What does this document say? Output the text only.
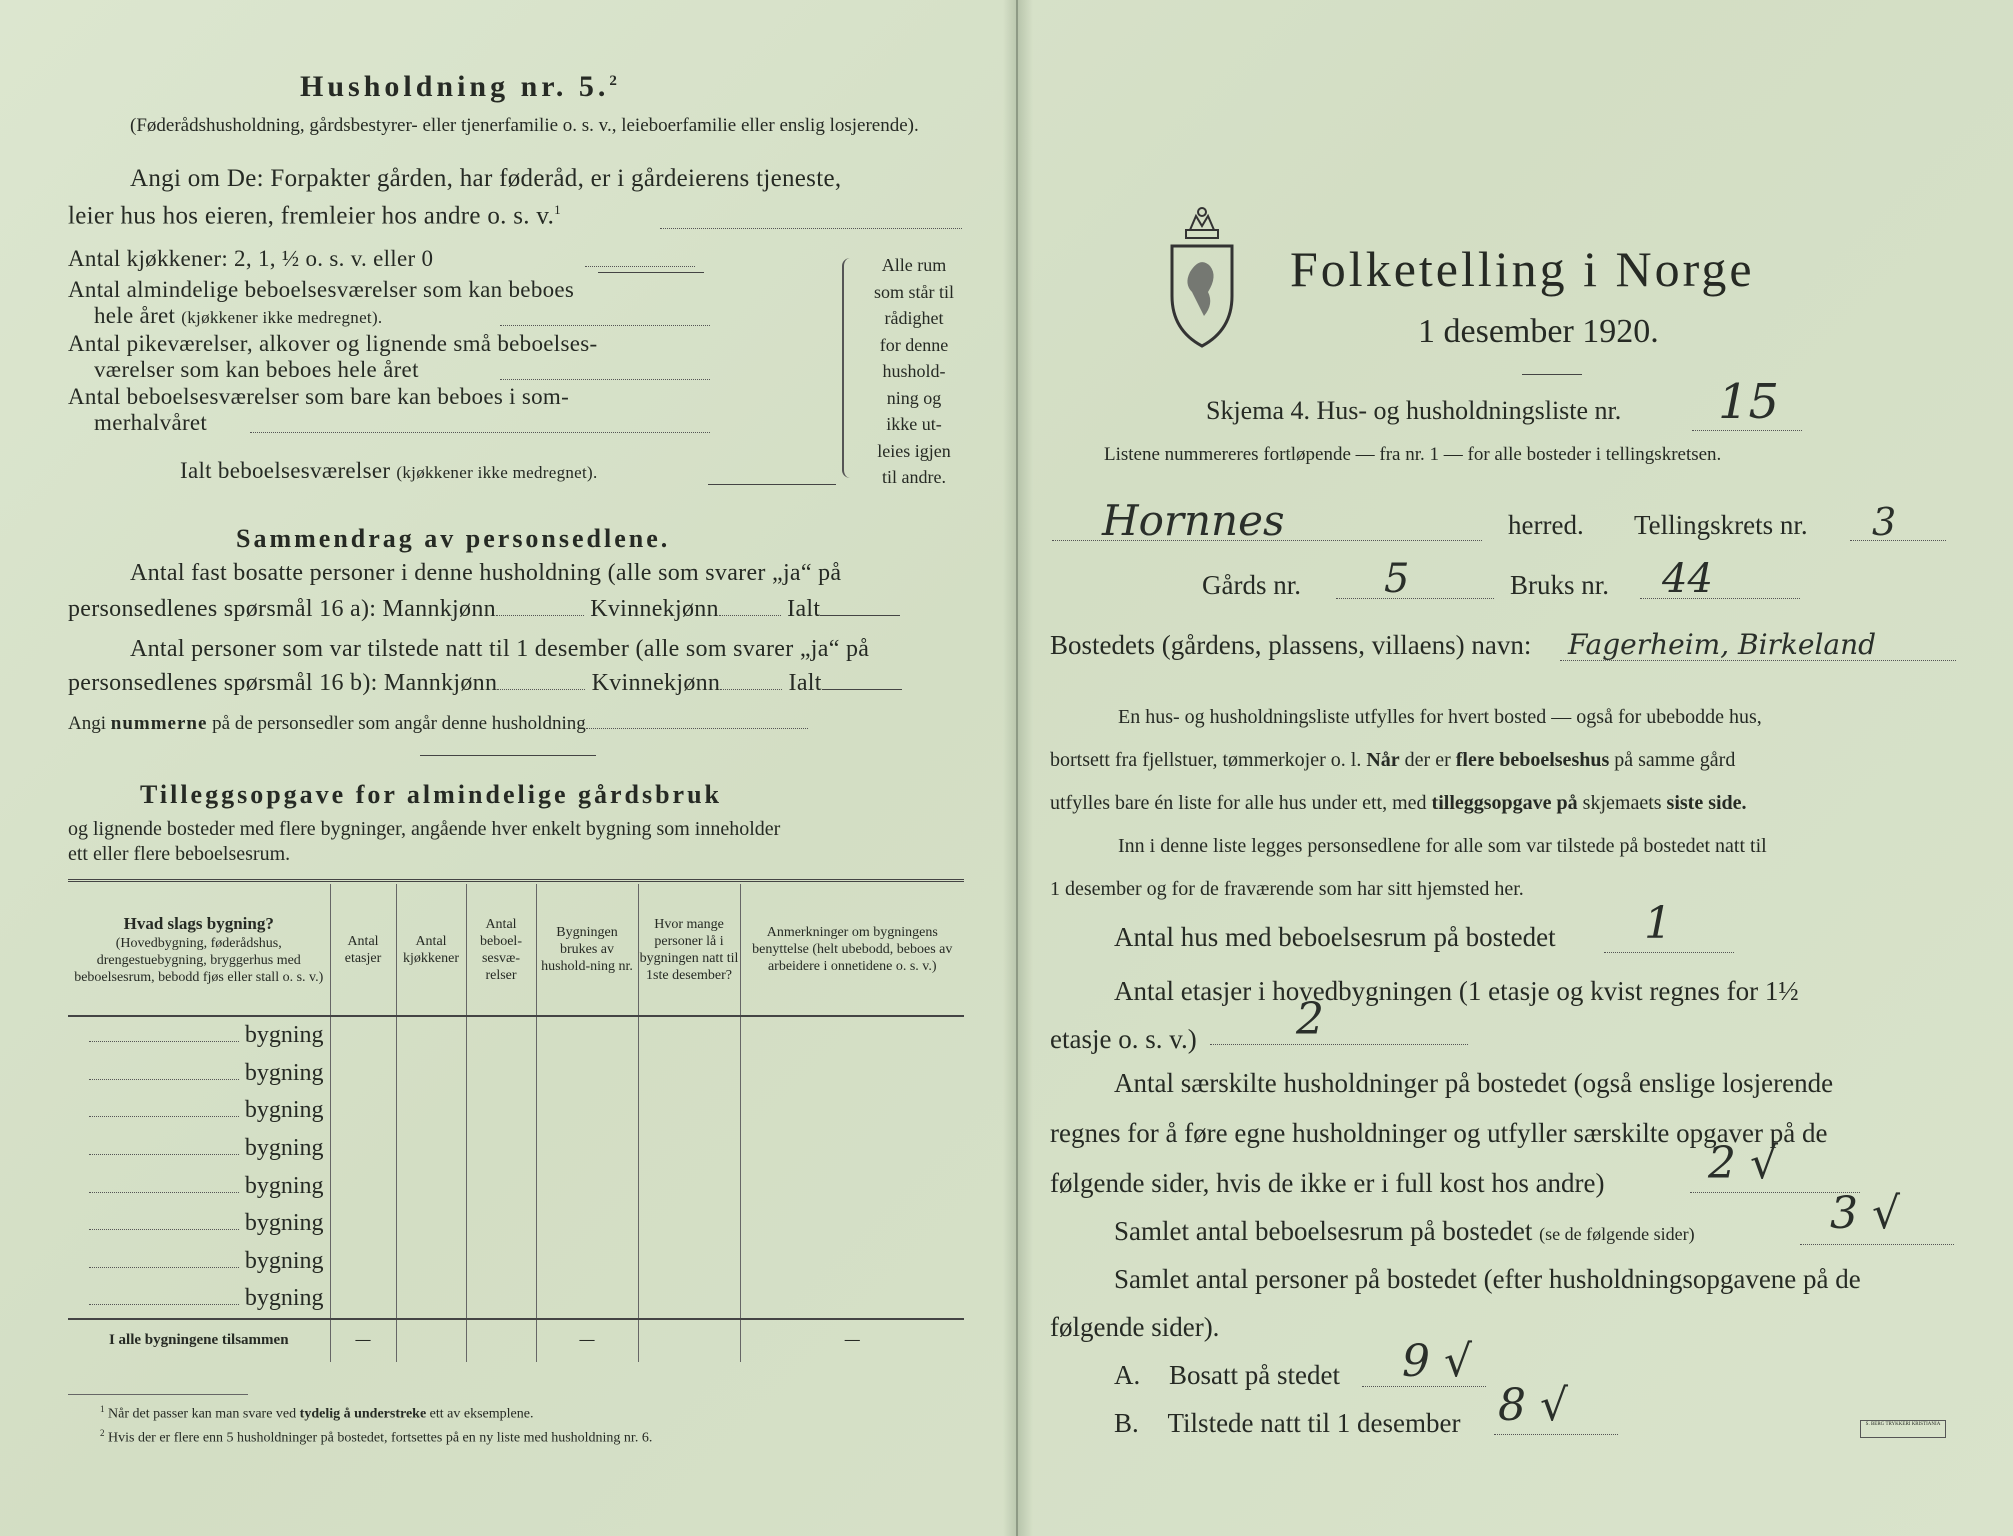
Husholdning nr. 5.$^2$
(Føderådshusholdning, gårdsbestyrer- eller tjenerfamilie o. s. v., leieboerfamilie eller enslig losjerende).
Angi om De: Forpakter gården, har føderåd, er i gårdeierens tjeneste,
leier hus hos eieren, fremleier hos andre o. s. v.$^1$
Antal kjøkkener: 2, 1, ½ o. s. v. eller 0
Antal almindelige beboelsesværelser som kan beboes
hele året (kjøkkener ikke medregnet).
Antal pikeværelser, alkover og lignende små beboelses-
værelser som kan beboes hele året
Antal beboelsesværelser som bare kan beboes i som-
merhalvåret
Ialt beboelsesværelser (kjøkkener ikke medregnet).
Alle rum
som står til
rådighet
for denne
hushold-
ning og
ikke ut-
leies igjen
til andre.
Sammendrag av personsedlene.
Antal fast bosatte personer i denne husholdning (alle som svarer „ja“ på
personsedlenes spørsmål 16 a): Mannkjønn	Kvinnekjønn	Ialt
Antal personer som var tilstede natt til 1 desember (alle som svarer „ja“ på
personsedlenes spørsmål 16 b): Mannkjønn	Kvinnekjønn	Ialt
Angi nummerne på de personsedler som angår denne husholdning
Tilleggsopgave for almindelige gårdsbruk
og lignende bosteder med flere bygninger, angående hver enkelt bygning som inneholder
ett eller flere beboelsesrum.
Hvad slags bygning?
(Hovedbygning, føderådshus, drengestuebygning, bryggerhus med beboelsesrum, bebodd fjøs eller stall o. s. v.)	Antal etasjer	Antal kjøkkener	Antal beboel-sesvæ-relser	Bygningen brukes av hushold-ning nr.	Hvor mange personer lå i bygningen natt til 1ste desember?	Anmerkninger om bygningens benyttelse (helt ubebodd, beboes av arbeidere i onnetidene o. s. v.)
bygning						
bygning						
bygning						
bygning						
bygning						
bygning						
bygning						
bygning						
I alle bygningene tilsammen	—			—		—
$^1$ Når det passer kan man svare ved tydelig å understreke ett av eksemplene.
$^2$ Hvis der er flere enn 5 husholdninger på bostedet, fortsettes på en ny liste med husholdning nr. 6.
Folketelling i Norge
1 desember 1920.
Skjema 4. Hus- og husholdningsliste nr. 15
Listene nummereres fortløpende — fra nr. 1 — for alle bosteder i tellingskretsen.
Hornnes	herred. Tellingskrets nr. 3
Gårds nr. 5	Bruks nr. 44
Bostedets (gårdens, plassens, villaens) navn: Fagerheim, Birkeland
En hus- og husholdningsliste utfylles for hvert bosted — også for ubebodde hus,
bortsett fra fjellstuer, tømmerkojer o. l. Når der er flere beboelseshus på samme gård
utfylles bare én liste for alle hus under ett, med tilleggsopgave på skjemaets siste side.
Inn i denne liste legges personsedlene for alle som var tilstede på bostedet natt til
1 desember og for de fraværende som har sitt hjemsted her.
Antal hus med beboelsesrum på bostedet 1
Antal etasjer i hovedbygningen (1 etasje og kvist regnes for 1½
etasje o. s. v.) 2
Antal særskilte husholdninger på bostedet (også enslige losjerende
regnes for å føre egne husholdninger og utfyller særskilte opgaver på de
følgende sider, hvis de ikke er i full kost hos andre) 2 √
Samlet antal beboelsesrum på bostedet (se de følgende sider)	3 √
Samlet antal personer på bostedet (efter husholdningsopgavene på de
følgende sider).
A. Bosatt på stedet 9 √
B. Tilstede natt til 1 desember 8 √	S. BERG TRYKKERI KRISTIANIA
